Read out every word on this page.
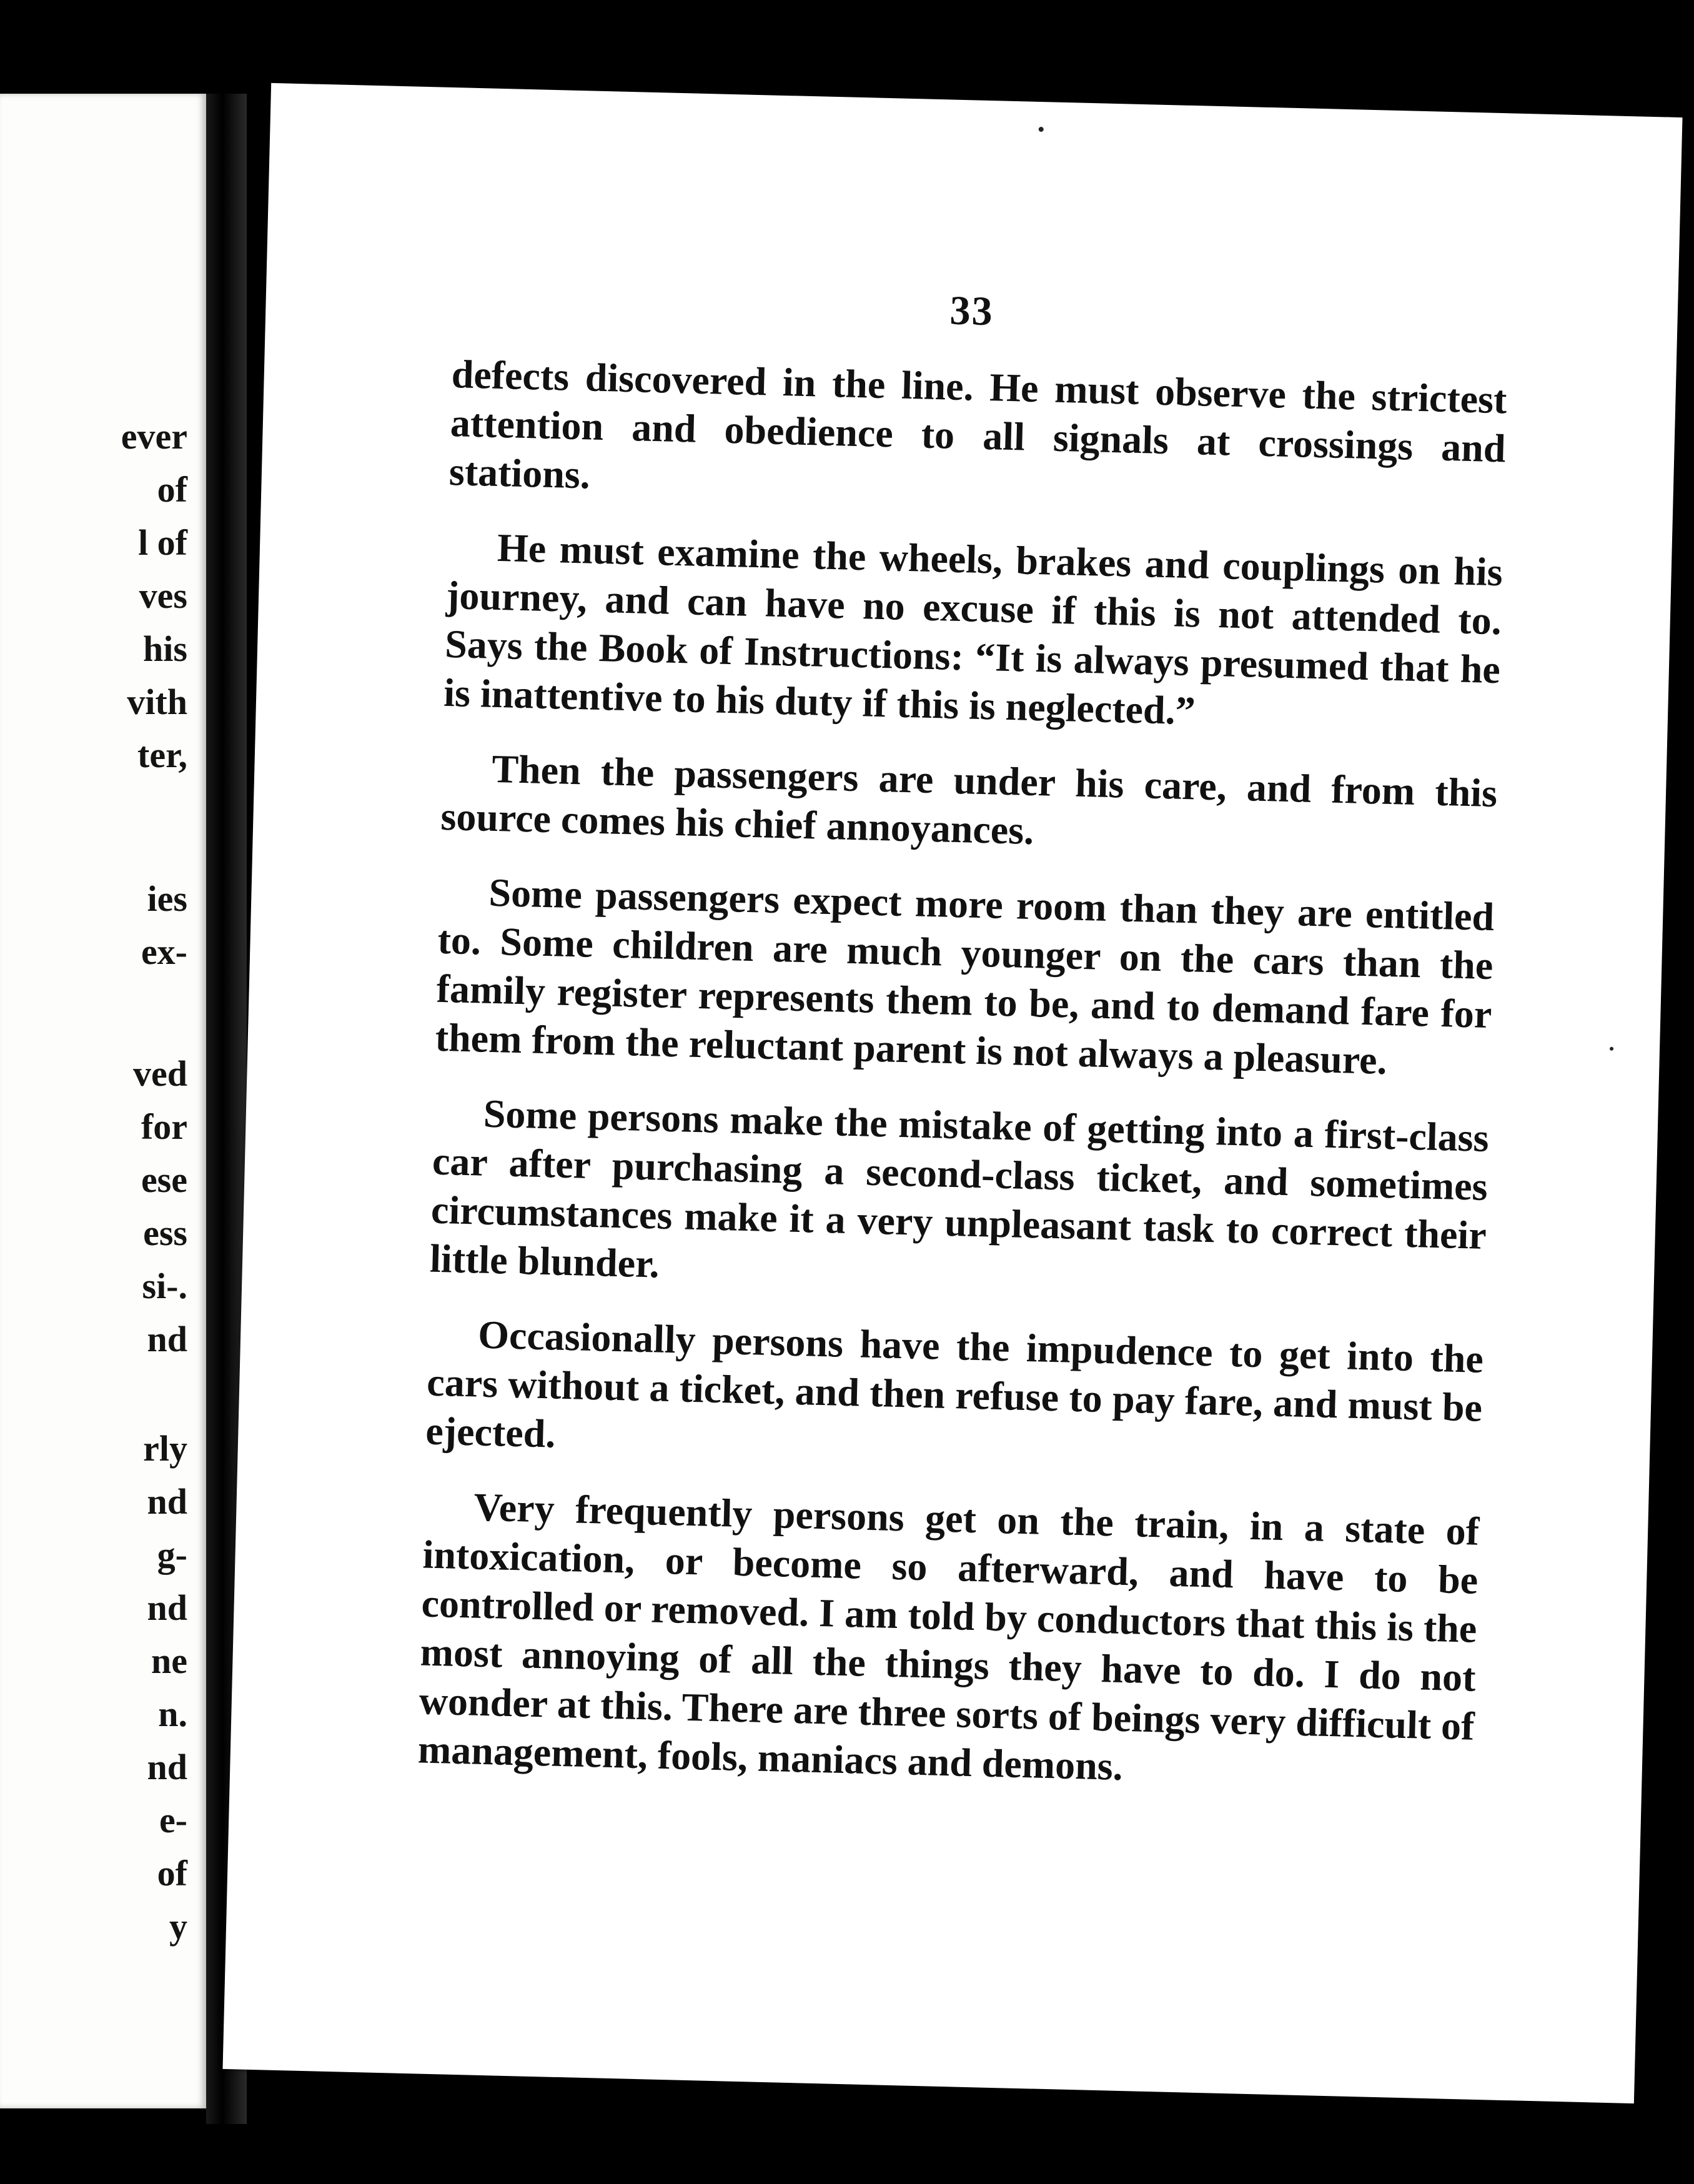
ever
of
l of
ves
his
vith
ter,
ies
ex-
ved
for
ese
ess
si-.
nd
rly
nd
g-
nd
ne
n.
nd
e-
of
y
33

defects discovered in the line. He must observe the strictest attention and obedience to all signals at crossings and stations.

He must examine the wheels, brakes and couplings on his journey, and can have no excuse if this is not attended to. Says the Book of Instructions: “It is always presumed that he is inattentive to his duty if this is neglected.”

Then the passengers are under his care, and from this source comes his chief annoyances.

Some passengers expect more room than they are entitled to. Some children are much younger on the cars than the family register represents them to be, and to demand fare for them from the reluctant parent is not always a pleasure.

Some persons make the mistake of getting into a first-class car after purchasing a second-class ticket, and sometimes circumstances make it a very unpleasant task to correct their little blunder.

Occasionally persons have the impudence to get into the cars without a ticket, and then refuse to pay fare, and must be ejected.

Very frequently persons get on the train, in a state of intoxication, or become so afterward, and have to be controlled or removed. I am told by conductors that this is the most annoying of all the things they have to do. I do not wonder at this. There are three sorts of beings very difficult of management, fools, maniacs and demons.
